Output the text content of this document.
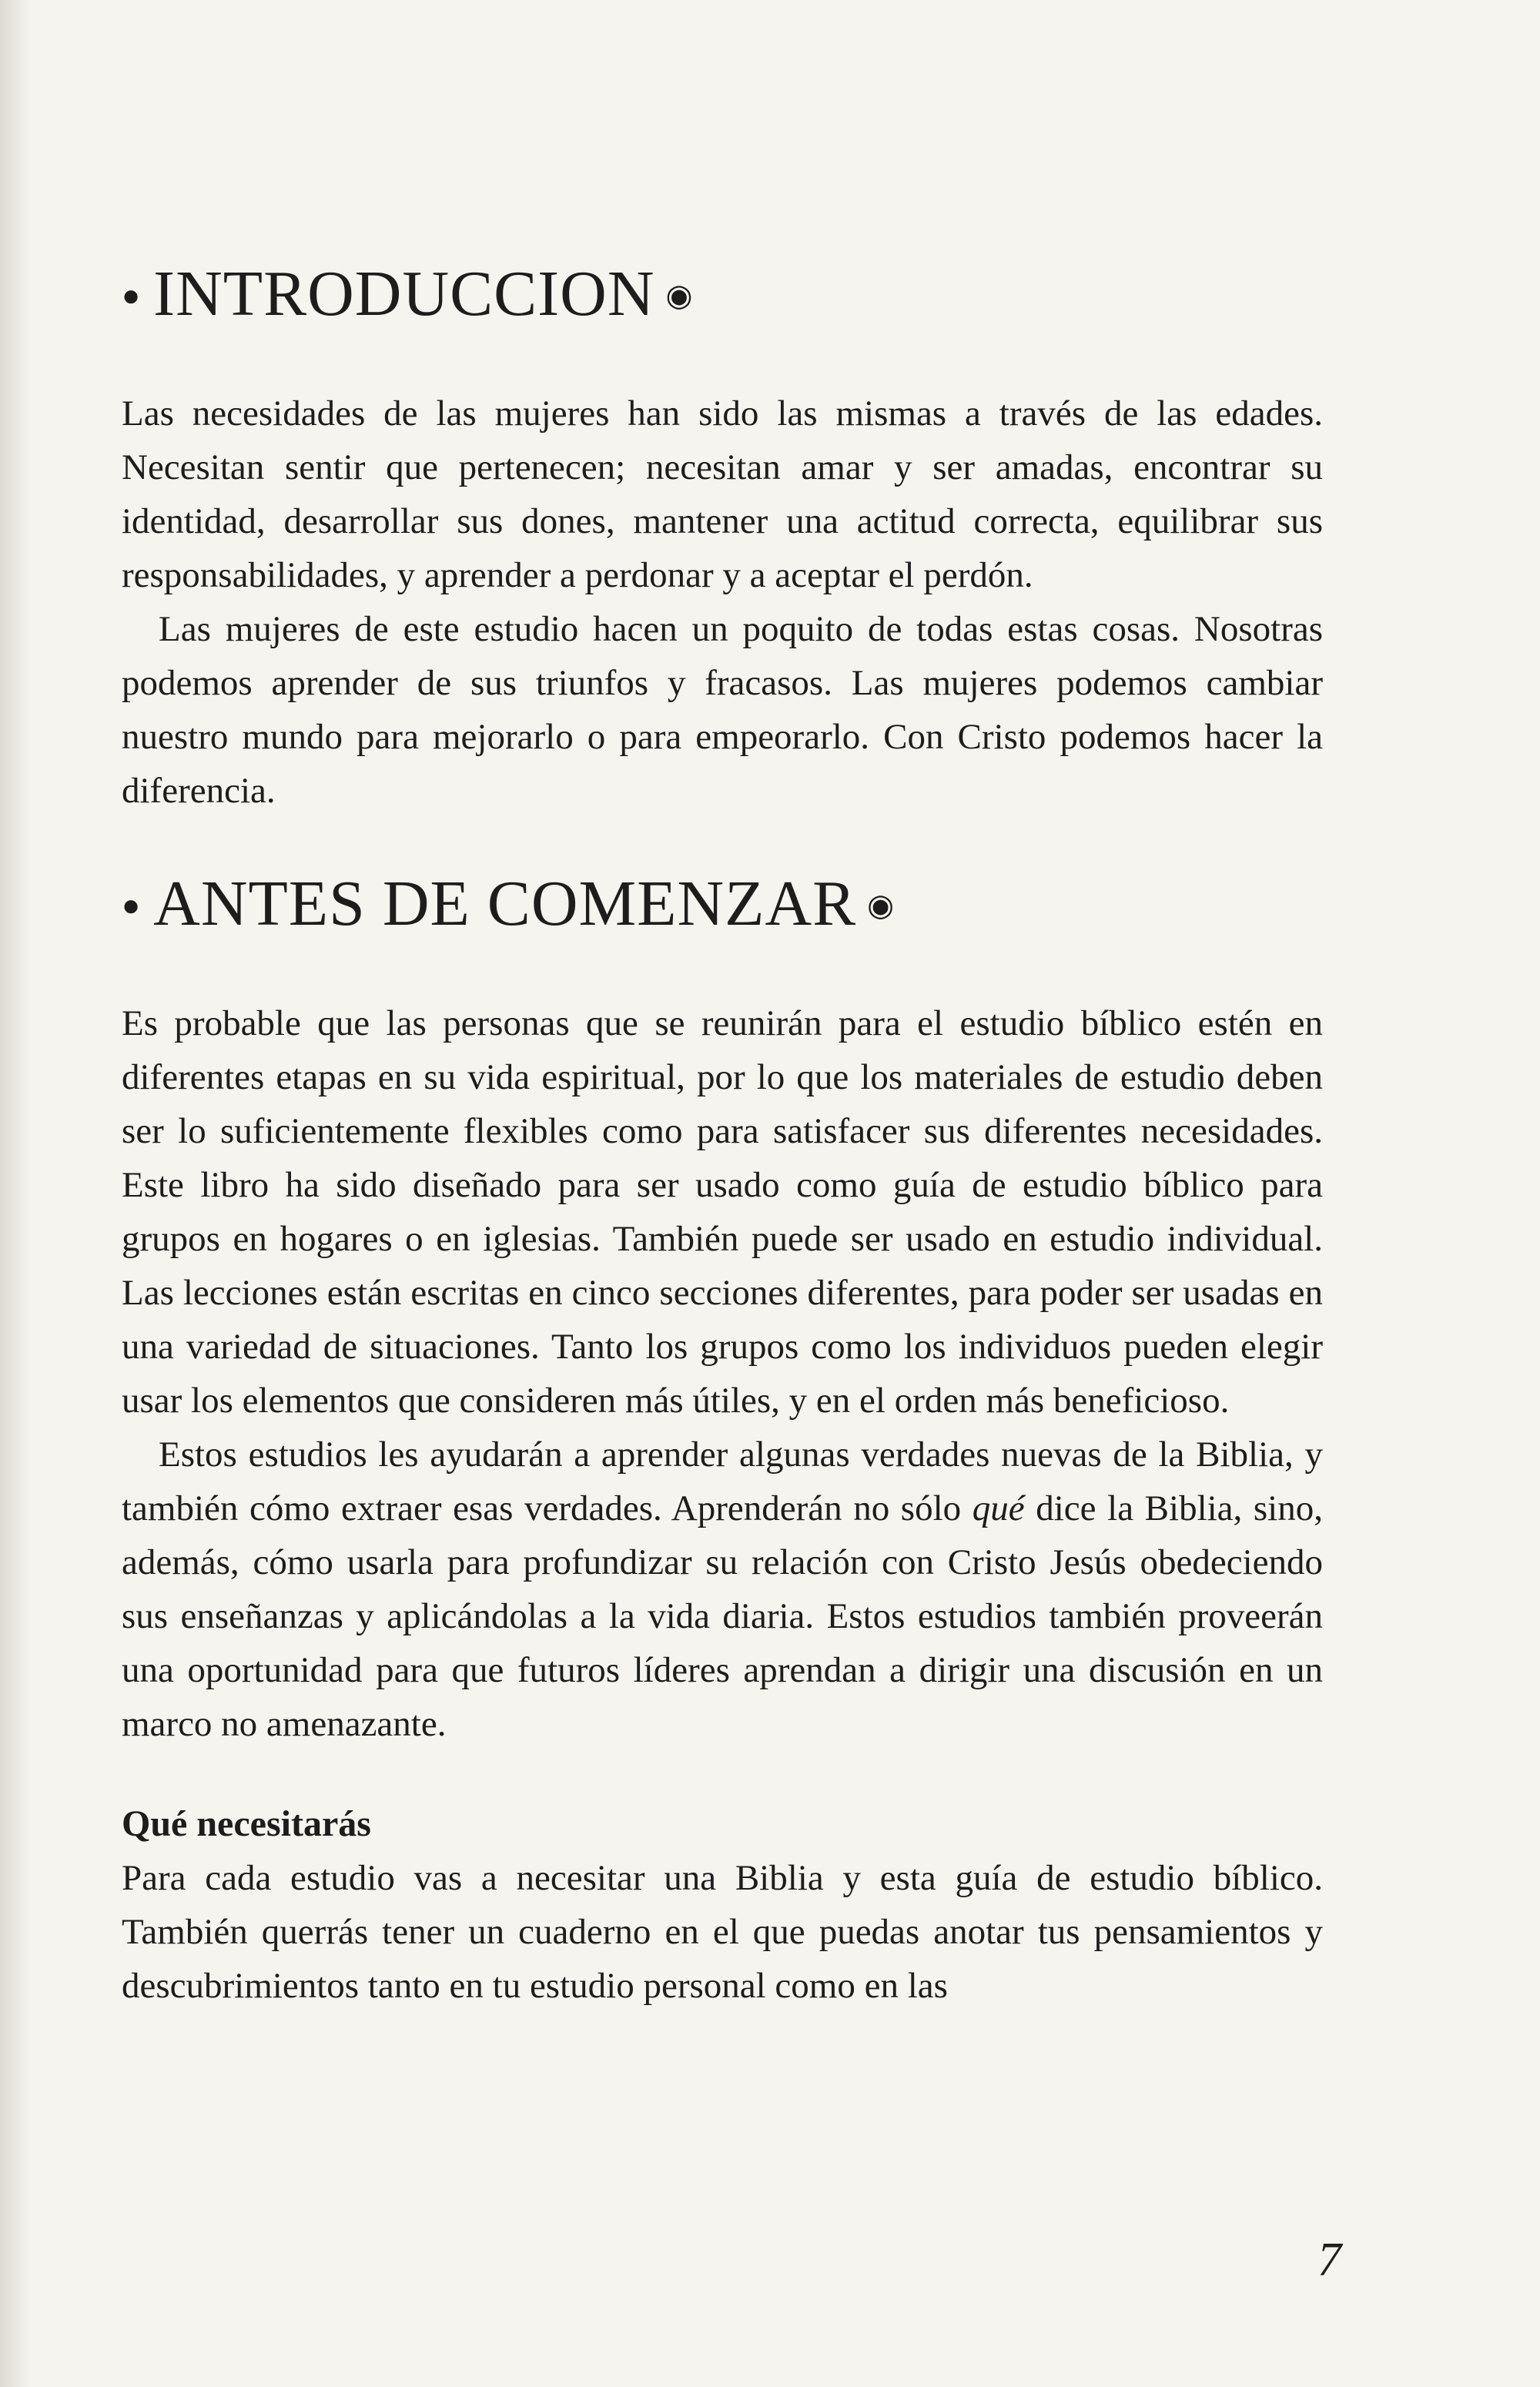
● INTRODUCCION ◉

Las necesidades de las mujeres han sido las mismas a través de las edades. Necesitan sentir que pertenecen; necesitan amar y ser amadas, encontrar su identidad, desarrollar sus dones, mantener una actitud correcta, equilibrar sus responsabilidades, y aprender a perdonar y a aceptar el perdón.

Las mujeres de este estudio hacen un poquito de todas estas cosas. Nosotras podemos aprender de sus triunfos y fracasos. Las mujeres podemos cambiar nuestro mundo para mejorarlo o para empeorarlo. Con Cristo podemos hacer la diferencia.

● ANTES DE COMENZAR ◉

Es probable que las personas que se reunirán para el estudio bíblico estén en diferentes etapas en su vida espiritual, por lo que los materiales de estudio deben ser lo suficientemente flexibles como para satisfacer sus diferentes necesidades. Este libro ha sido diseñado para ser usado como guía de estudio bíblico para grupos en hogares o en iglesias. También puede ser usado en estudio individual. Las lecciones están escritas en cinco secciones diferentes, para poder ser usadas en una variedad de situaciones. Tanto los grupos como los individuos pueden elegir usar los elementos que consideren más útiles, y en el orden más beneficioso.

Estos estudios les ayudarán a aprender algunas verdades nuevas de la Biblia, y también cómo extraer esas verdades. Aprenderán no sólo qué dice la Biblia, sino, además, cómo usarla para profundizar su relación con Cristo Jesús obedeciendo sus enseñanzas y aplicándolas a la vida diaria. Estos estudios también proveerán una oportunidad para que futuros líderes aprendan a dirigir una discusión en un marco no amenazante.

Qué necesitarás

Para cada estudio vas a necesitar una Biblia y esta guía de estudio bíblico. También querrás tener un cuaderno en el que puedas anotar tus pensamientos y descubrimientos tanto en tu estudio personal como en las

7
